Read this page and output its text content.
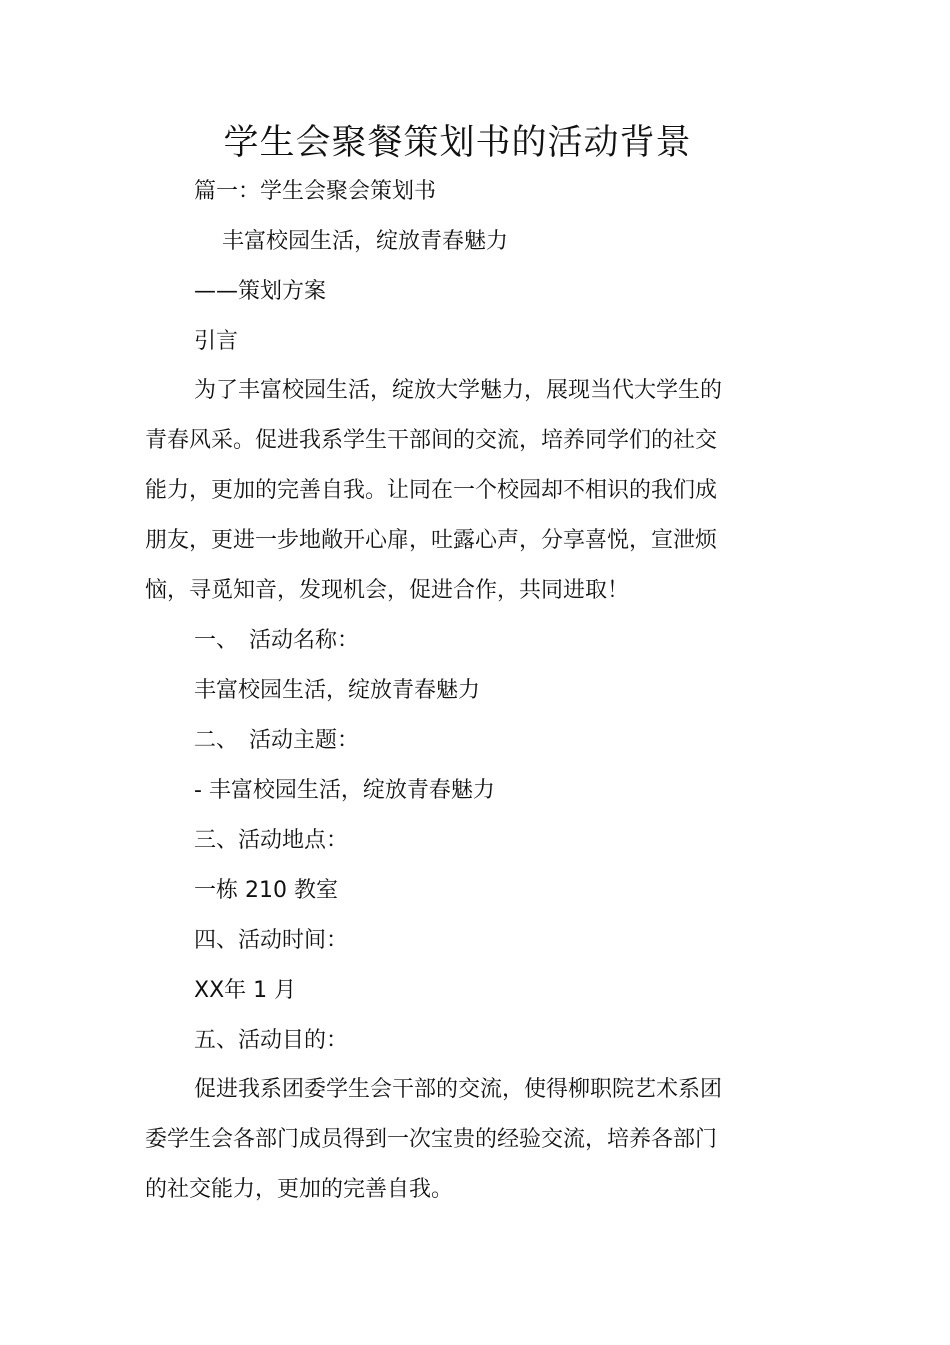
学生会聚餐策划书的活动背景
篇一：学生会聚会策划书
丰富校园生活，绽放青春魅力
——策划方案
引言
为了丰富校园生活，绽放大学魅力，展现当代大学生的
青春风采。促进我系学生干部间的交流，培养同学们的社交
能力，更加的完善自我。让同在一个校园却不相识的我们成
朋友，更进一步地敞开心扉，吐露心声，分享喜悦，宣泄烦
恼，寻觅知音，发现机会，促进合作，共同进取！
一、　活动名称：
丰富校园生活，绽放青春魅力
二、　活动主题：
- 丰富校园生活，绽放青春魅力
三、活动地点：
一栋 210 教室
四、活动时间：
XX年 1 月
五、活动目的：
促进我系团委学生会干部的交流，使得柳职院艺术系团
委学生会各部门成员得到一次宝贵的经验交流，培养各部门
的社交能力，更加的完善自我。
